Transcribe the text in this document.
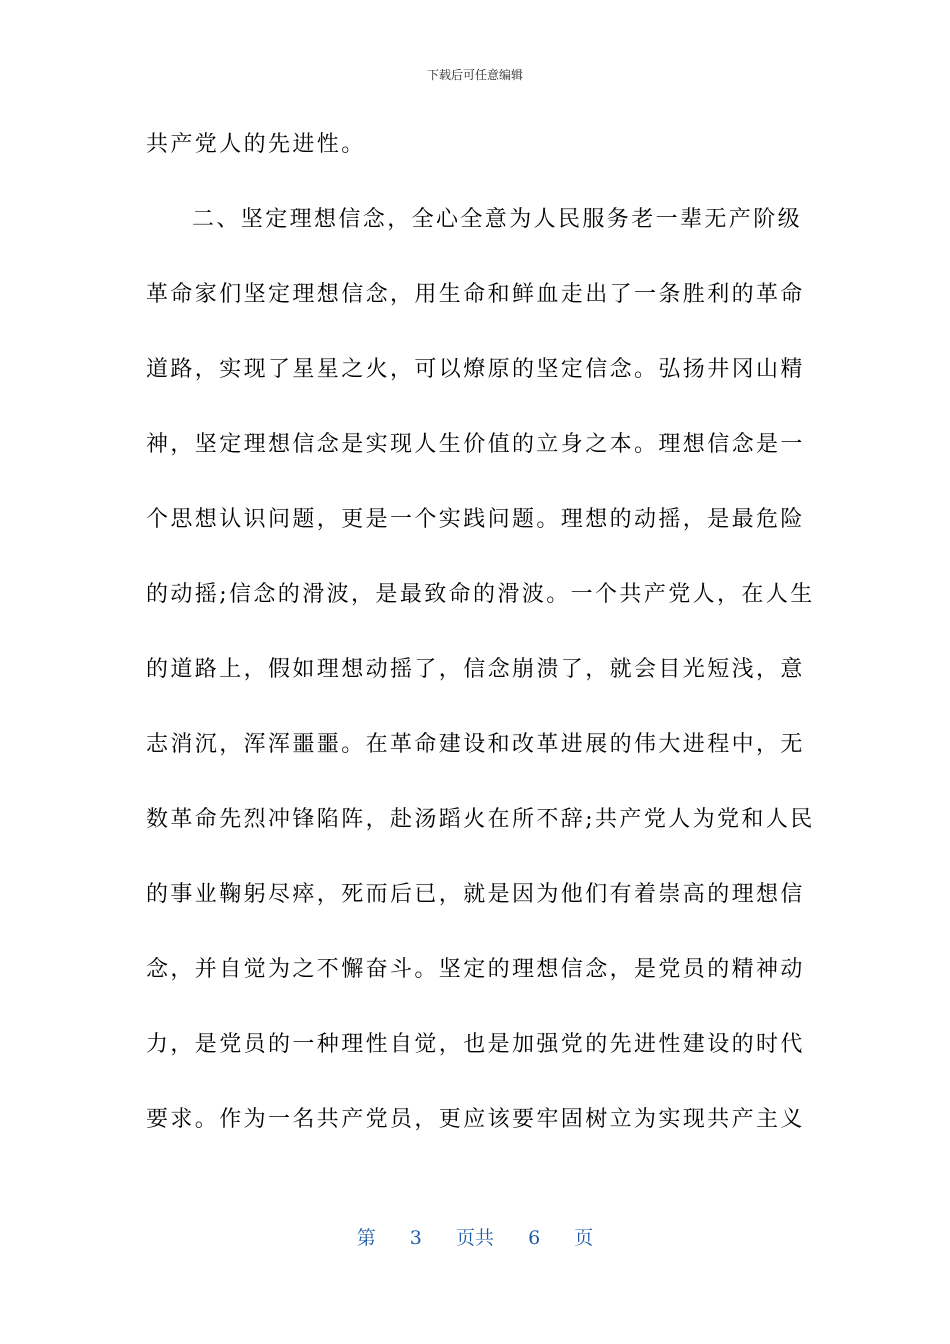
下载后可任意编辑
共产党人的先进性。
二、坚定理想信念，全心全意为人民服务老一辈无产阶级
革命家们坚定理想信念，用生命和鲜血走出了一条胜利的革命
道路，实现了星星之火，可以燎原的坚定信念。弘扬井冈山精
神，坚定理想信念是实现人生价值的立身之本。理想信念是一
个思想认识问题，更是一个实践问题。理想的动摇，是最危险
的动摇;信念的滑波，是最致命的滑波。一个共产党人，在人生
的道路上，假如理想动摇了，信念崩溃了，就会目光短浅，意
志消沉，浑浑噩噩。在革命建设和改革进展的伟大进程中，无
数革命先烈冲锋陷阵，赴汤蹈火在所不辞;共产党人为党和人民
的事业鞠躬尽瘁，死而后已，就是因为他们有着崇高的理想信
念，并自觉为之不懈奋斗。坚定的理想信念，是党员的精神动
力，是党员的一种理性自觉，也是加强党的先进性建设的时代
要求。作为一名共产党员，更应该要牢固树立为实现共产主义
第 3 页共 6 页
